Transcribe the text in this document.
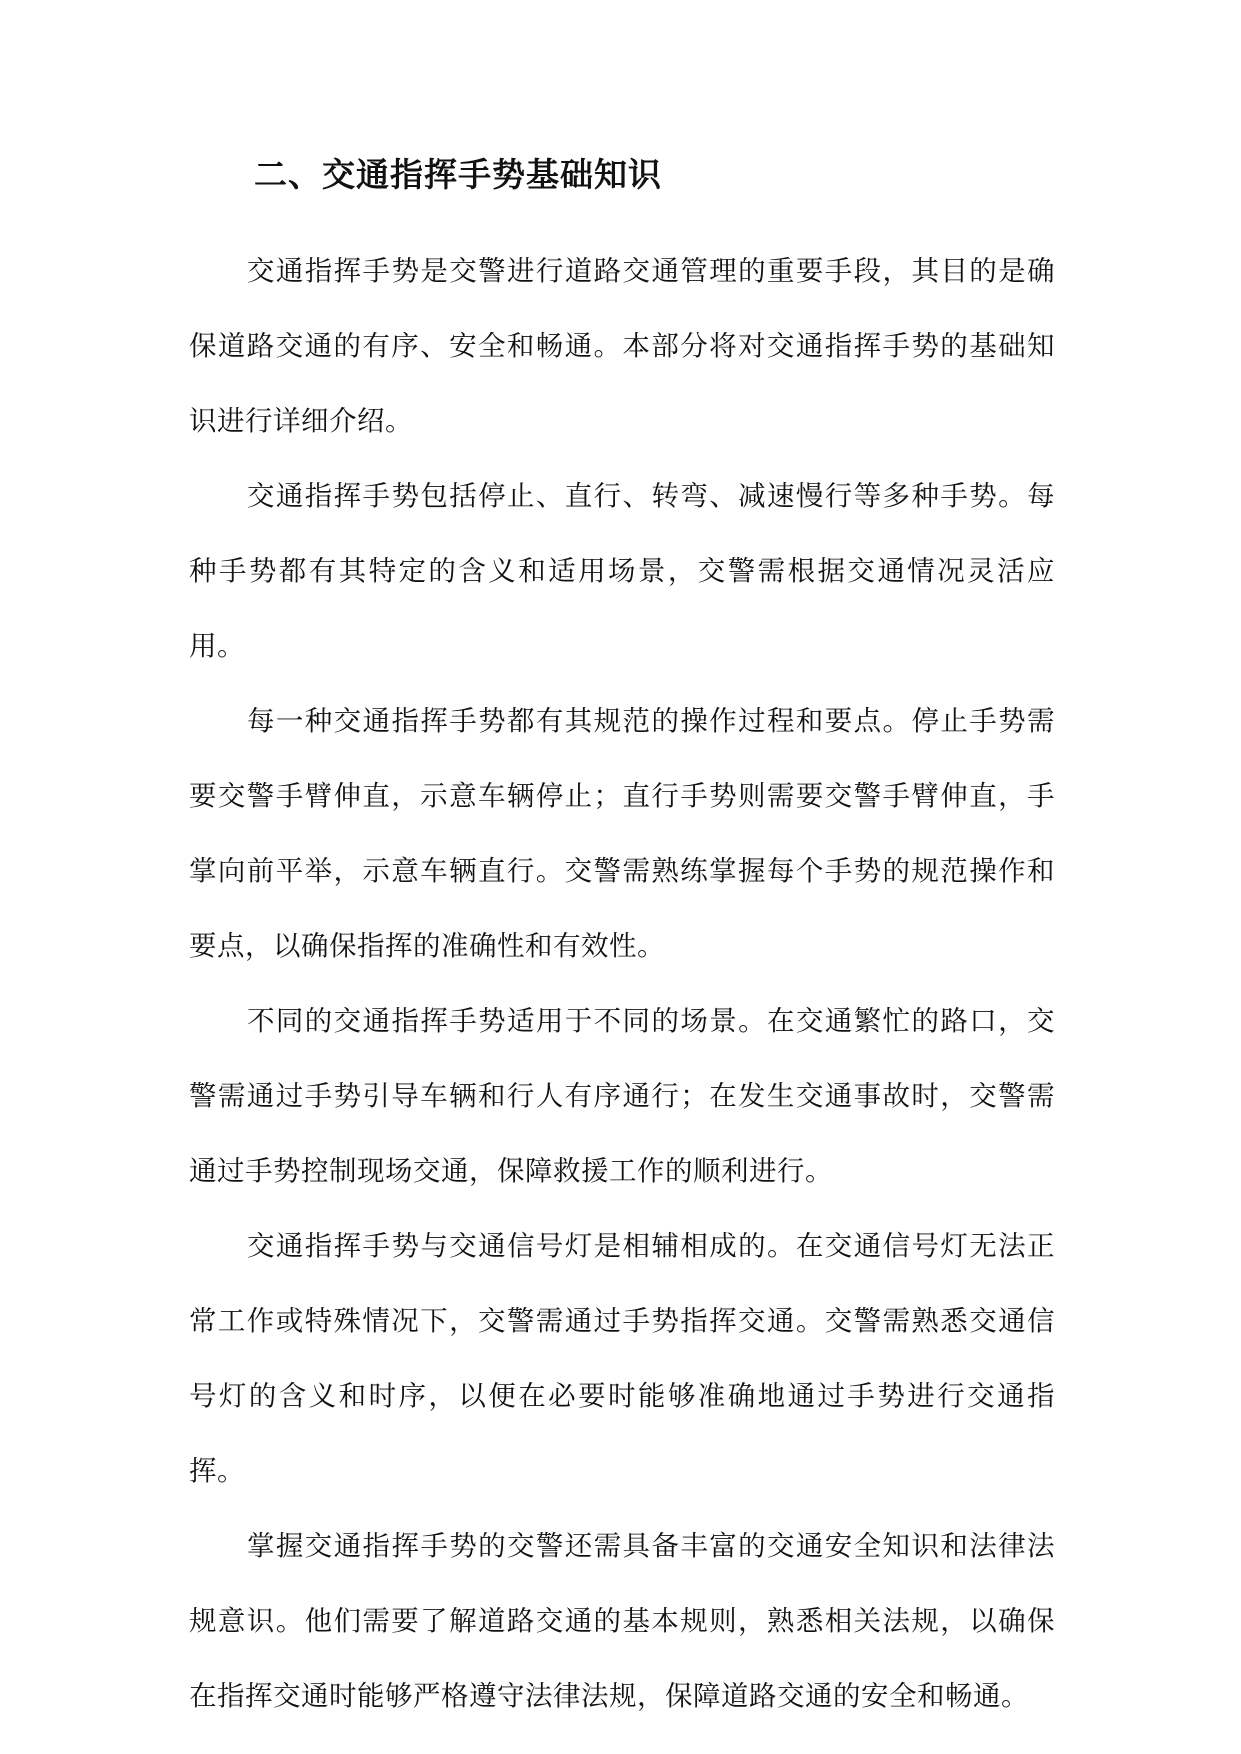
二、交通指挥手势基础知识

交通指挥手势是交警进行道路交通管理的重要手段，其目的是确保道路交通的有序、安全和畅通。本部分将对交通指挥手势的基础知识进行详细介绍。

交通指挥手势包括停止、直行、转弯、减速慢行等多种手势。每种手势都有其特定的含义和适用场景，交警需根据交通情况灵活应用。

每一种交通指挥手势都有其规范的操作过程和要点。停止手势需要交警手臂伸直，示意车辆停止；直行手势则需要交警手臂伸直，手掌向前平举，示意车辆直行。交警需熟练掌握每个手势的规范操作和要点，以确保指挥的准确性和有效性。

不同的交通指挥手势适用于不同的场景。在交通繁忙的路口，交警需通过手势引导车辆和行人有序通行；在发生交通事故时，交警需通过手势控制现场交通，保障救援工作的顺利进行。

交通指挥手势与交通信号灯是相辅相成的。在交通信号灯无法正常工作或特殊情况下，交警需通过手势指挥交通。交警需熟悉交通信号灯的含义和时序，以便在必要时能够准确地通过手势进行交通指挥。

掌握交通指挥手势的交警还需具备丰富的交通安全知识和法律法规意识。他们需要了解道路交通的基本规则，熟悉相关法规，以确保在指挥交通时能够严格遵守法律法规，保障道路交通的安全和畅通。
